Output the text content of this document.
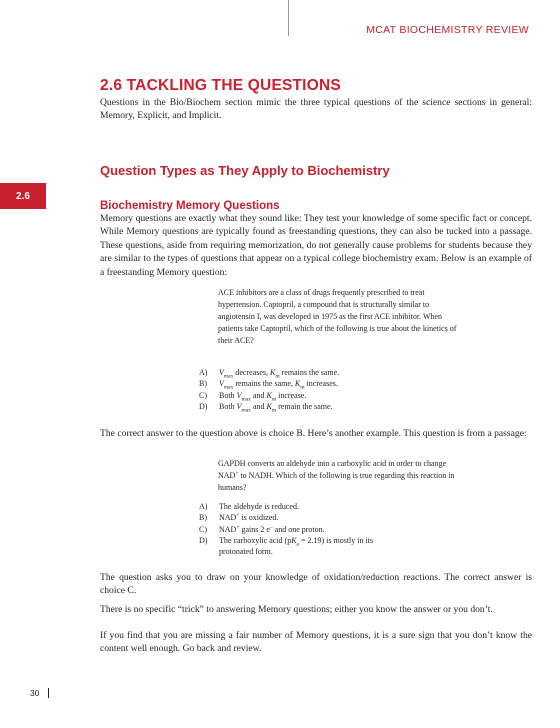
MCAT BIOCHEMISTRY REVIEW
2.6 TACKLING THE QUESTIONS

Questions in the Bio/Biochem section mimic the three typical questions of the science sections in general: Memory, Explicit, and Implicit.

Question Types as They Apply to Biochemistry
2.6
Biochemistry Memory Questions

Memory questions are exactly what they sound like: They test your knowledge of some specific fact or concept. While Memory questions are typically found as freestanding questions, they can also be tucked into a passage. These questions, aside from requiring memorization, do not generally cause problems for students because they are similar to the types of questions that appear on a typical college biochemistry exam. Below is an example of a freestanding Memory question:

ACE inhibitors are a class of drugs frequently prescribed to treat hypertension. Captopril, a compound that is structurally similar to angiotensin I, was developed in 1975 as the first ACE inhibitor. When patients take Captopril, which of the following is true about the kinetics of their ACE?

A)	$V_{max}$ decreases, $K_m$ remains the same.
B)	$V_{max}$ remains the same, $K_m$ increases.
C)	Both $V_{max}$ and $K_m$ increase.
D)	Both $V_{max}$ and $K_m$ remain the same.

The correct answer to the question above is choice B. Here’s another example. This question is from a passage:

GAPDH converts an aldehyde into a carboxylic acid in order to change NAD+ to NADH. Which of the following is true regarding this reaction in humans?

A)	The aldehyde is reduced.
B)	NAD+ is oxidized.
C)	NAD+ gains 2 e– and one proton.
D)	The carboxylic acid $(pK_a = 2.19)$ is mostly in its protonated form.

The question asks you to draw on your knowledge of oxidation/reduction reactions. The correct answer is choice C.

There is no specific “trick” to answering Memory questions; either you know the answer or you don’t.

If you find that you are missing a fair number of Memory questions, it is a sure sign that you don’t know the content well enough. Go back and review.

30
